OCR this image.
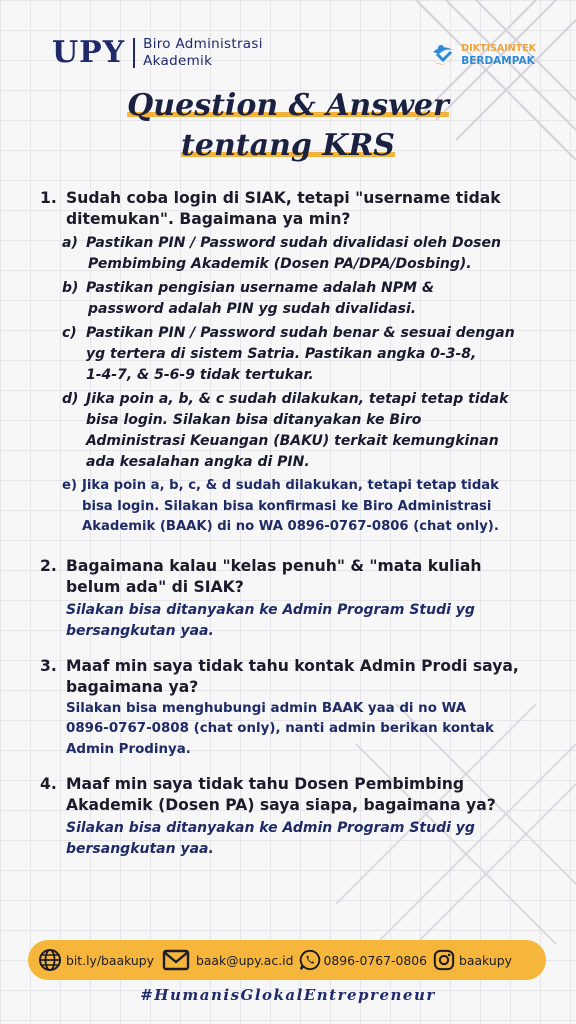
UPY Biro Administrasi
Akademik
DIKTISAINTEK
BERDAMPAK
Question & Answer
tentang KRS
1. Sudah coba login di SIAK, tetapi "username tidak
ditemukan". Bagaimana ya min?
a) Pastikan PIN / Password sudah divalidasi oleh Dosen
Pembimbing Akademik (Dosen PA/DPA/Dosbing).
b) Pastikan pengisian username adalah NPM &
password adalah PIN yg sudah divalidasi.
c) Pastikan PIN / Password sudah benar & sesuai dengan
yg tertera di sistem Satria. Pastikan angka 0-3-8,
1-4-7, & 5-6-9 tidak tertukar.
d) Jika poin a, b, & c sudah dilakukan, tetapi tetap tidak
bisa login. Silakan bisa ditanyakan ke Biro
Administrasi Keuangan (BAKU) terkait kemungkinan
ada kesalahan angka di PIN.
e) Jika poin a, b, c, & d sudah dilakukan, tetapi tetap tidak
bisa login. Silakan bisa konfirmasi ke Biro Administrasi
Akademik (BAAK) di no WA 0896-0767-0806 (chat only).
2. Bagaimana kalau "kelas penuh" & "mata kuliah
belum ada" di SIAK?
Silakan bisa ditanyakan ke Admin Program Studi yg
bersangkutan yaa.
3. Maaf min saya tidak tahu kontak Admin Prodi saya,
bagaimana ya?
Silakan bisa menghubungi admin BAAK yaa di no WA
0896-0767-0808 (chat only), nanti admin berikan kontak
Admin Prodinya.
4. Maaf min saya tidak tahu Dosen Pembimbing
Akademik (Dosen PA) saya siapa, bagaimana ya?
Silakan bisa ditanyakan ke Admin Program Studi yg
bersangkutan yaa.
bit.ly/baakupy	baak@upy.ac.id 0896-0767-0806	baakupy
#HumanisGlokalEntrepreneur
